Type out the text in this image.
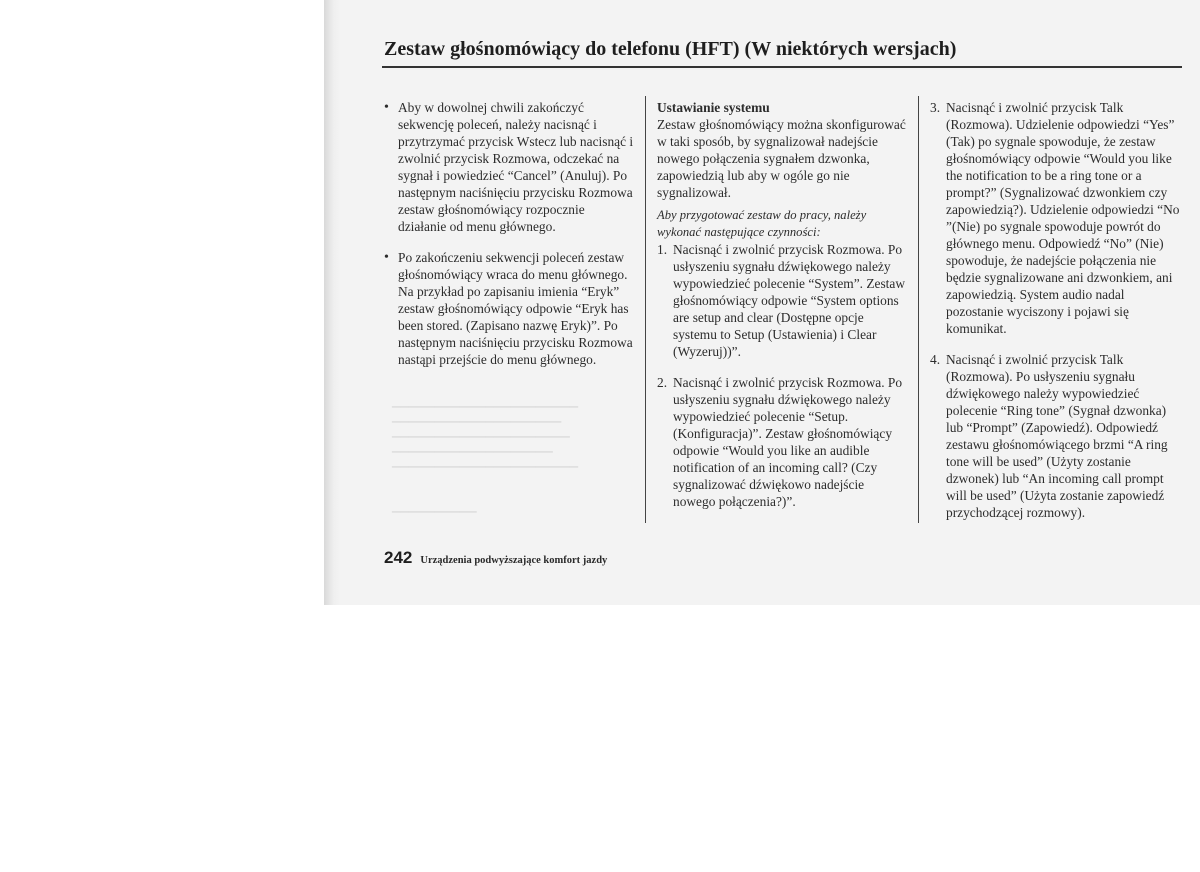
▁▁▁▁▁▁▁▁▁▁▁▁▁▁▁▁▁▁▁▁▁▁
▁▁▁▁▁▁▁▁▁▁▁▁▁▁▁▁▁▁▁▁
▁▁▁▁▁▁▁▁▁▁▁▁▁▁▁▁▁▁▁▁▁
▁▁▁▁▁▁▁▁▁▁▁▁▁▁▁▁▁▁▁
▁▁▁▁▁▁▁▁▁▁▁▁▁▁▁▁▁▁▁▁▁▁

▁▁▁▁▁▁▁▁▁▁
Zestaw głośnomówiący do telefonu (HFT) (W niektórych wersjach)
• Aby w dowolnej chwili zakończyć sekwencję poleceń, należy nacisnąć i przytrzymać przycisk Wstecz lub nacisnąć i zwolnić przycisk Rozmowa, odczekać na sygnał i powiedzieć “Cancel” (Anuluj). Po następnym naciśnięciu przycisku Rozmowa zestaw głośnomówiący rozpocznie działanie od menu głównego.
• Po zakończeniu sekwencji poleceń zestaw głośnomówiący wraca do menu głównego. Na przykład po zapisaniu imienia “Eryk” zestaw głośnomówiący odpowie “Eryk has been stored. (Zapisano nazwę Eryk)”. Po następnym naciśnięciu przycisku Rozmowa nastąpi przejście do menu głównego.

Ustawianie systemu

Zestaw głośnomówiący można skonfigurować w taki sposób, by sygnalizował nadejście nowego połączenia sygnałem dzwonka, zapowiedzią lub aby w ogóle go nie sygnalizował.

Aby przygotować zestaw do pracy, należy wykonać następujące czynności:

1. Nacisnąć i zwolnić przycisk Rozmowa. Po usłyszeniu sygnału dźwiękowego należy wypowiedzieć polecenie “System”. Zestaw głośnomówiący odpowie “System options are setup and clear (Dostępne opcje systemu to Setup (Ustawienia) i Clear (Wyzeruj))”.
2. Nacisnąć i zwolnić przycisk Rozmowa. Po usłyszeniu sygnału dźwiękowego należy wypowiedzieć polecenie “Setup. (Konfiguracja)”. Zestaw głośnomówiący odpowie “Would you like an audible notification of an incoming call? (Czy sygnalizować dźwiękowo nadejście nowego połączenia?)”.
3. Nacisnąć i zwolnić przycisk Talk (Rozmowa). Udzielenie odpowiedzi “Yes” (Tak) po sygnale spowoduje, że zestaw głośnomówiący odpowie “Would you like the notification to be a ring tone or a prompt?” (Sygnalizować dzwonkiem czy zapowiedzią?). Udzielenie odpowiedzi “No ”(Nie) po sygnale spowoduje powrót do głównego menu. Odpowiedź “No” (Nie) spowoduje, że nadejście połączenia nie będzie sygnalizowane ani dzwonkiem, ani zapowiedzią. System audio nadal pozostanie wyciszony i pojawi się komunikat.
4. Nacisnąć i zwolnić przycisk Talk (Rozmowa). Po usłyszeniu sygnału dźwiękowego należy wypowiedzieć polecenie “Ring tone” (Sygnał dzwonka) lub “Prompt” (Zapowiedź). Odpowiedź zestawu głośnomówiącego brzmi “A ring tone will be used” (Użyty zostanie dzwonek) lub “An incoming call prompt will be used” (Użyta zostanie zapowiedź przychodzącej rozmowy).
242 Urządzenia podwyższające komfort jazdy
